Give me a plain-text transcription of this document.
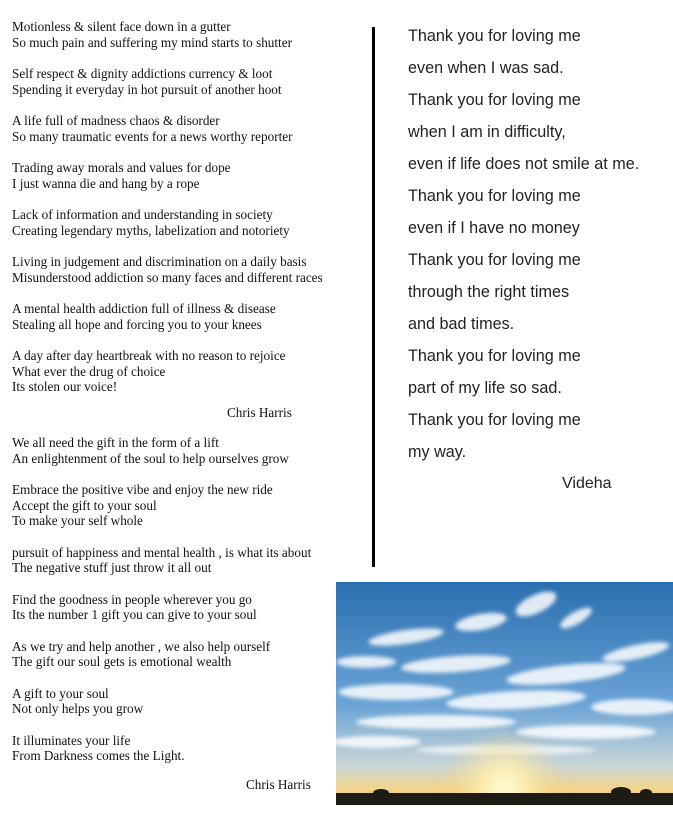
Motionless & silent face down in a gutter
So much pain and suffering my mind starts to shutter
Self respect & dignity addictions currency & loot
Spending it everyday in hot pursuit of another hoot
A life full of madness chaos & disorder
So many traumatic events for a news worthy reporter
Trading away morals and values for dope
I just wanna die and hang by a rope
Lack of information and understanding in society
Creating legendary myths, labelization and notoriety
Living in judgement and discrimination on a daily basis
Misunderstood addiction so many faces and different races
A mental health addiction full of illness & disease
Stealing all hope and forcing you to your knees
A day after day heartbreak with no reason to rejoice
What ever the drug of choice
Its stolen our voice!
Chris Harris
We all need the gift in the form of a lift
An enlightenment of the soul to help ourselves grow
Embrace the positive vibe and enjoy the new ride
Accept the gift to your soul
To make your self whole
pursuit of happiness and mental health , is what its about
The negative stuff just throw it all out
Find the goodness in people wherever you go
Its the number 1 gift you can give to your soul
As we try and help another , we also help ourself
The gift our soul gets is emotional wealth
A gift to your soul
Not only helps you grow
It illuminates your life
From Darkness comes the Light.
Chris Harris
Thank you for loving me
even when I was sad.
Thank you for loving me
when I am in difficulty,
even if life does not smile at me.
Thank you for loving me
even if I have no money
Thank you for loving me
through the right times
and bad times.
Thank you for loving me
part of my life so sad.
Thank you for loving me
my way.
Videha
